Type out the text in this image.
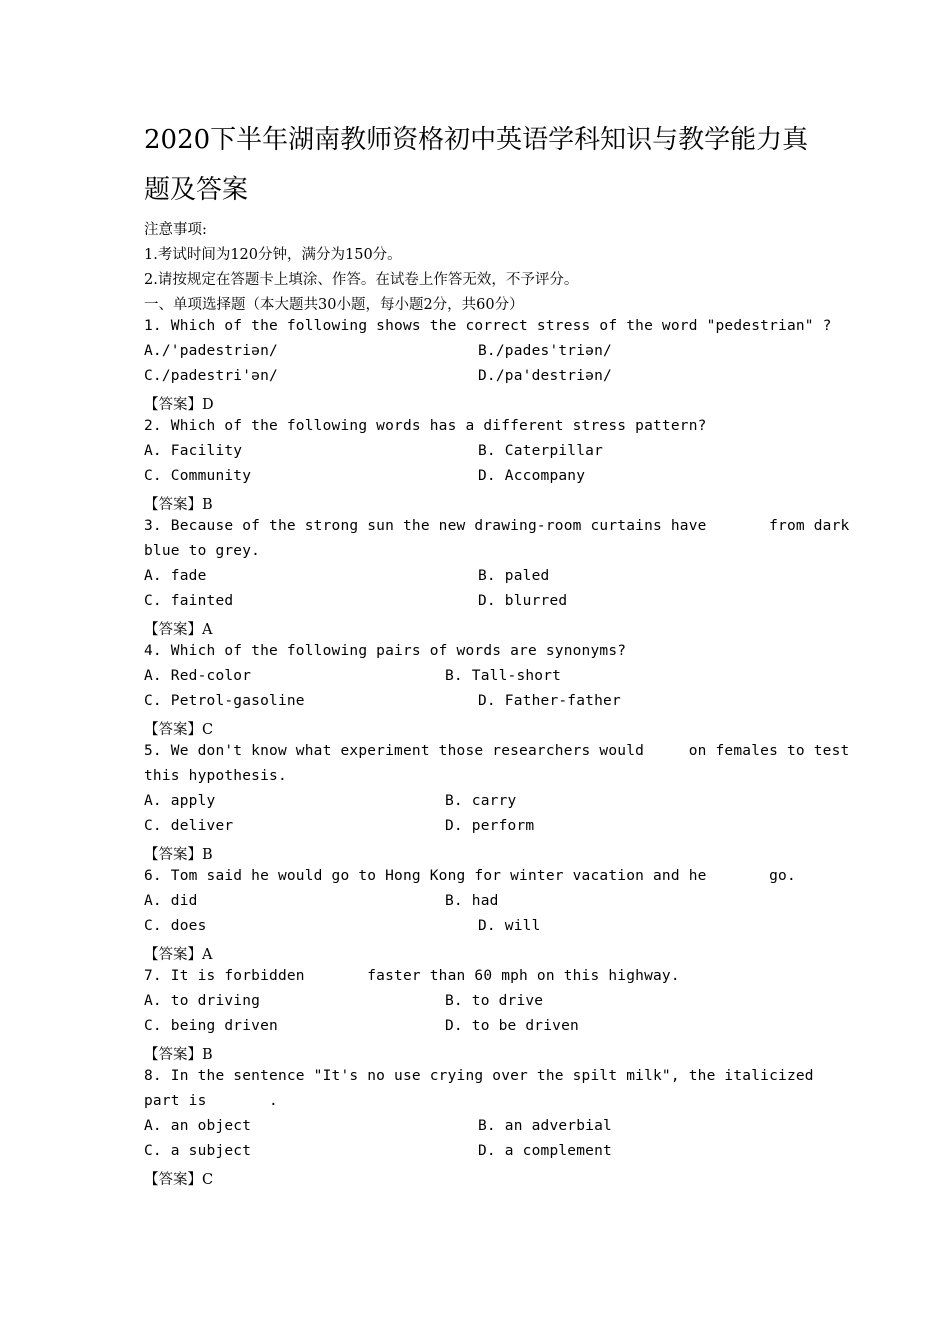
2020下半年湖南教师资格初中英语学科知识与教学能力真
题及答案
注意事项:
1.考试时间为120分钟，满分为150分。
2.请按规定在答题卡上填涂、作答。在试卷上作答无效，不予评分。
一、单项选择题（本大题共30小题，每小题2分，共60分）
1. Which of the following shows the correct stress of the word "pedestrian" ?
A./'padestriən/	B./pades'triən/
C./padestri'ən/	D./pa'destriən/
【答案】D
2. Which of the following words has a different stress pattern?
A. Facility	B. Caterpillar
C. Community	D. Accompany
【答案】B
3. Because of the strong sun the new drawing-room curtains have       from dark
blue to grey.
A. fade	B. paled
C. fainted	D. blurred
【答案】A
4. Which of the following pairs of words are synonyms?
A. Red-color	B. Tall-short
C. Petrol-gasoline	D. Father-father
【答案】C
5. We don't know what experiment those researchers would     on females to test
this hypothesis.
A. apply	B. carry
C. deliver	D. perform
【答案】B
6. Tom said he would go to Hong Kong for winter vacation and he       go.
A. did	B. had
C. does	D. will
【答案】A
7. It is forbidden       faster than 60 mph on this highway.
A. to driving	B. to drive
C. being driven	D. to be driven
【答案】B
8. In the sentence "It's no use crying over the spilt milk", the italicized
part is       .
A. an object	B. an adverbial
C. a subject	D. a complement
【答案】C
